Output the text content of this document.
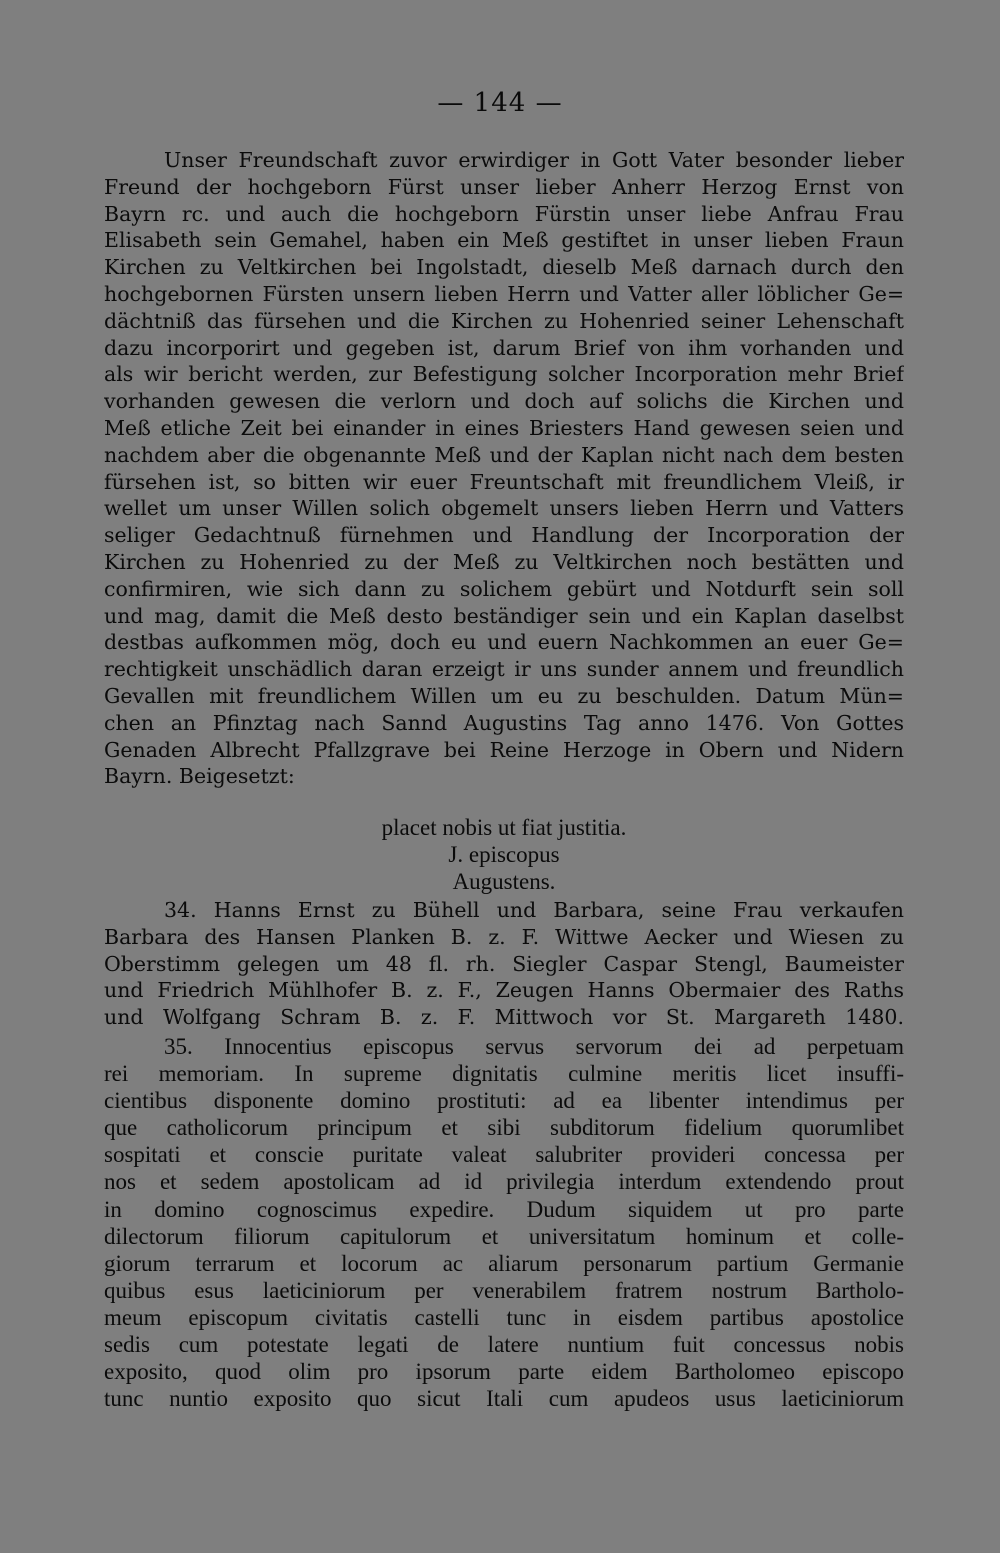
— 144 —
Unser Freundschaft zuvor erwirdiger in Gott Vater besonder lieber
Freund der hochgeborn Fürst unser lieber Anherr Herzog Ernst von
Bayrn rc. und auch die hochgeborn Fürstin unser liebe Anfrau Frau
Elisabeth sein Gemahel, haben ein Meß gestiftet in unser lieben Fraun
Kirchen zu Veltkirchen bei Ingolstadt, dieselb Meß darnach durch den
hochgebornen Fürsten unsern lieben Herrn und Vatter aller löblicher Ge=
dächtniß das fürsehen und die Kirchen zu Hohenried seiner Lehenschaft
dazu incorporirt und gegeben ist, darum Brief von ihm vorhanden und
als wir bericht werden, zur Befestigung solcher Incorporation mehr Brief
vorhanden gewesen die verlorn und doch auf solichs die Kirchen und
Meß etliche Zeit bei einander in eines Briesters Hand gewesen seien und
nachdem aber die obgenannte Meß und der Kaplan nicht nach dem besten
fürsehen ist, so bitten wir euer Freuntschaft mit freundlichem Vleiß, ir
wellet um unser Willen solich obgemelt unsers lieben Herrn und Vatters
seliger Gedachtnuß fürnehmen und Handlung der Incorporation der
Kirchen zu Hohenried zu der Meß zu Veltkirchen noch bestätten und
confirmiren, wie sich dann zu solichem gebürt und Notdurft sein soll
und mag, damit die Meß desto beständiger sein und ein Kaplan daselbst
destbas aufkommen mög, doch eu und euern Nachkommen an euer Ge=
rechtigkeit unschädlich daran erzeigt ir uns sunder annem und freundlich
Gevallen mit freundlichem Willen um eu zu beschulden. Datum Mün=
chen an Pfinztag nach Sannd Augustins Tag anno 1476. Von Gottes
Genaden Albrecht Pfallzgrave bei Reine Herzoge in Obern und Nidern
Bayrn. Beigesetzt:
placet nobis ut fiat justitia.
J. episcopus
Augustens.
34. Hanns Ernst zu Bühell und Barbara, seine Frau verkaufen
Barbara des Hansen Planken B. z. F. Wittwe Aecker und Wiesen zu
Oberstimm gelegen um 48 fl. rh. Siegler Caspar Stengl, Baumeister
und Friedrich Mühlhofer B. z. F., Zeugen Hanns Obermaier des Raths
und Wolfgang Schram B. z. F. Mittwoch vor St. Margareth 1480.
35. Innocentius episcopus servus servorum dei ad perpetuam
rei memoriam. In supreme dignitatis culmine meritis licet insuffi-
cientibus disponente domino prostituti: ad ea libenter intendimus per
que catholicorum principum et sibi subditorum fidelium quorumlibet
sospitati et conscie puritate valeat salubriter provideri concessa per
nos et sedem apostolicam ad id privilegia interdum extendendo prout
in domino cognoscimus expedire. Dudum siquidem ut pro parte
dilectorum filiorum capitulorum et universitatum hominum et colle-
giorum terrarum et locorum ac aliarum personarum partium Germanie
quibus esus laeticiniorum per venerabilem fratrem nostrum Bartholo-
meum episcopum civitatis castelli tunc in eisdem partibus apostolice
sedis cum potestate legati de latere nuntium fuit concessus nobis
exposito, quod olim pro ipsorum parte eidem Bartholomeo episcopo
tunc nuntio exposito quo sicut Itali cum apudeos usus laeticiniorum
